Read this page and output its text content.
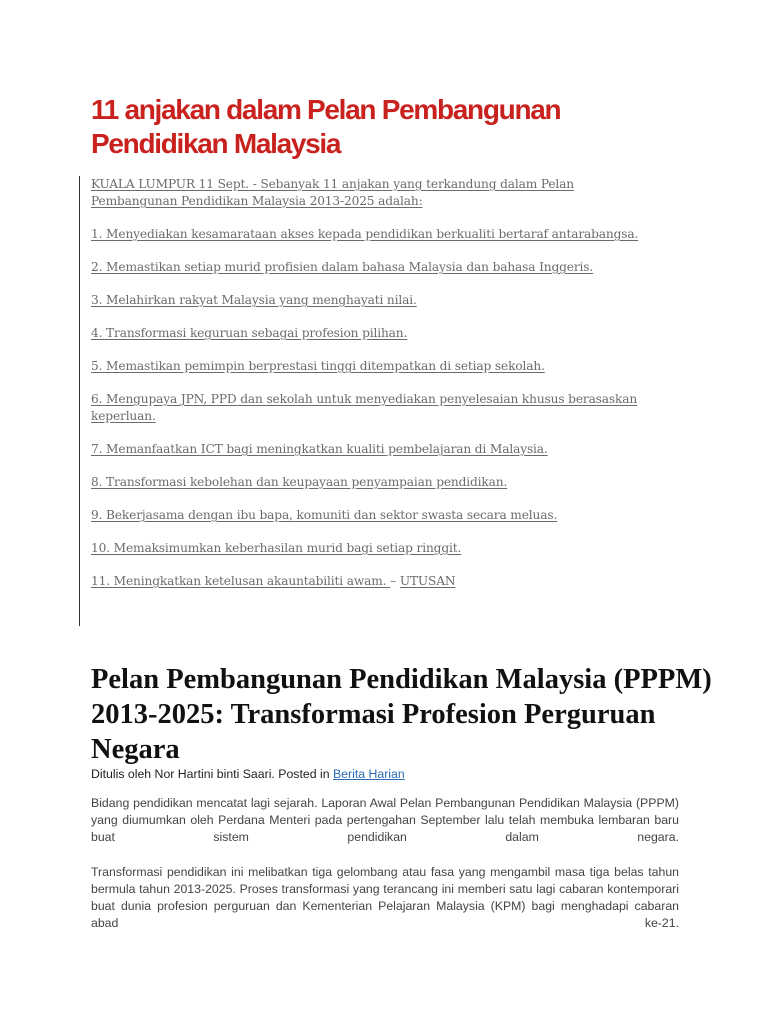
11 anjakan dalam Pelan Pembangunan Pendidikan Malaysia

KUALA LUMPUR 11 Sept. - Sebanyak 11 anjakan yang terkandung dalam Pelan Pembangunan Pendidikan Malaysia 2013-2025 adalah:

1. Menyediakan kesamarataan akses kepada pendidikan berkualiti bertaraf antarabangsa.

2. Memastikan setiap murid profisien dalam bahasa Malaysia dan bahasa Inggeris.

3. Melahirkan rakyat Malaysia yang menghayati nilai.

4. Transformasi keguruan sebagai profesion pilihan.

5. Memastikan pemimpin berprestasi tinggi ditempatkan di setiap sekolah.

6. Mengupaya JPN, PPD dan sekolah untuk menyediakan penyelesaian khusus berasaskan keperluan.

7. Memanfaatkan ICT bagi meningkatkan kualiti pembelajaran di Malaysia.

8. Transformasi kebolehan dan keupayaan penyampaian pendidikan.

9. Bekerjasama dengan ibu bapa, komuniti dan sektor swasta secara meluas.

10. Memaksimumkan keberhasilan murid bagi setiap ringgit.

11. Meningkatkan ketelusan akauntabiliti awam. – UTUSAN

Pelan Pembangunan Pendidikan Malaysia (PPPM) 2013-2025: Transformasi Profesion Perguruan Negara

Ditulis oleh Nor Hartini binti Saari. Posted in Berita Harian

Bidang pendidikan mencatat lagi sejarah. Laporan Awal Pelan Pembangunan Pendidikan Malaysia (PPPM) yang diumumkan oleh Perdana Menteri pada pertengahan September lalu telah membuka lembaran baru buat sistem pendidikan dalam negara.

Transformasi pendidikan ini melibatkan tiga gelombang atau fasa yang mengambil masa tiga belas tahun bermula tahun 2013-2025. Proses transformasi yang terancang ini memberi satu lagi cabaran kontemporari buat dunia profesion perguruan dan Kementerian Pelajaran Malaysia (KPM) bagi menghadapi cabaran abad ke-21.
